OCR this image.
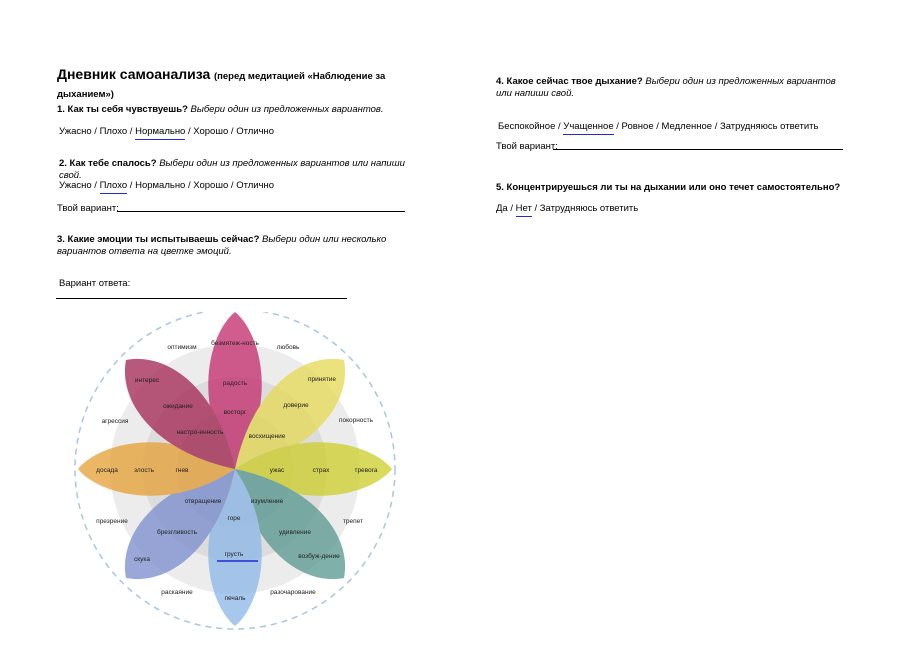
Дневник самоанализа (перед медитацией «Наблюдение за дыханием»)
1. Как ты себя чувствуешь? Выбери один из предложенных вариантов.
Ужасно / Плохо / Нормально / Хорошо / Отлично
2. Как тебе спалось? Выбери один из предложенных вариантов или напиши свой.
Ужасно / Плохо / Нормально / Хорошо / Отлично
Твой вариант:
3. Какие эмоции ты испытываешь сейчас? Выбери один или несколько вариантов ответа на цветке эмоций.
Вариант ответа:
4. Какое сейчас твое дыхание? Выбери один из предложенных вариантов или напиши свой.
Беспокойное / Учащенное / Ровное / Медленное / Затрудняюсь ответить
Твой вариант:
5. Концентрируешься ли ты на дыхании или оно течет самостоятельно?
Да / Нет / Затрудняюсь ответить
оптимизм	любовь
безмятеж-ность
интерес	радость
принятие
ожидание
восторг
доверие
покорность
агрессия
настро-енность
восхищение
досада злость	гнев	ужас	страх	тревога
отвращение	изумление
презрение	трепет
горе
брезгливость	удивление
грусть
скука	возбуж-дение
раскаяние
печаль
разочарование
